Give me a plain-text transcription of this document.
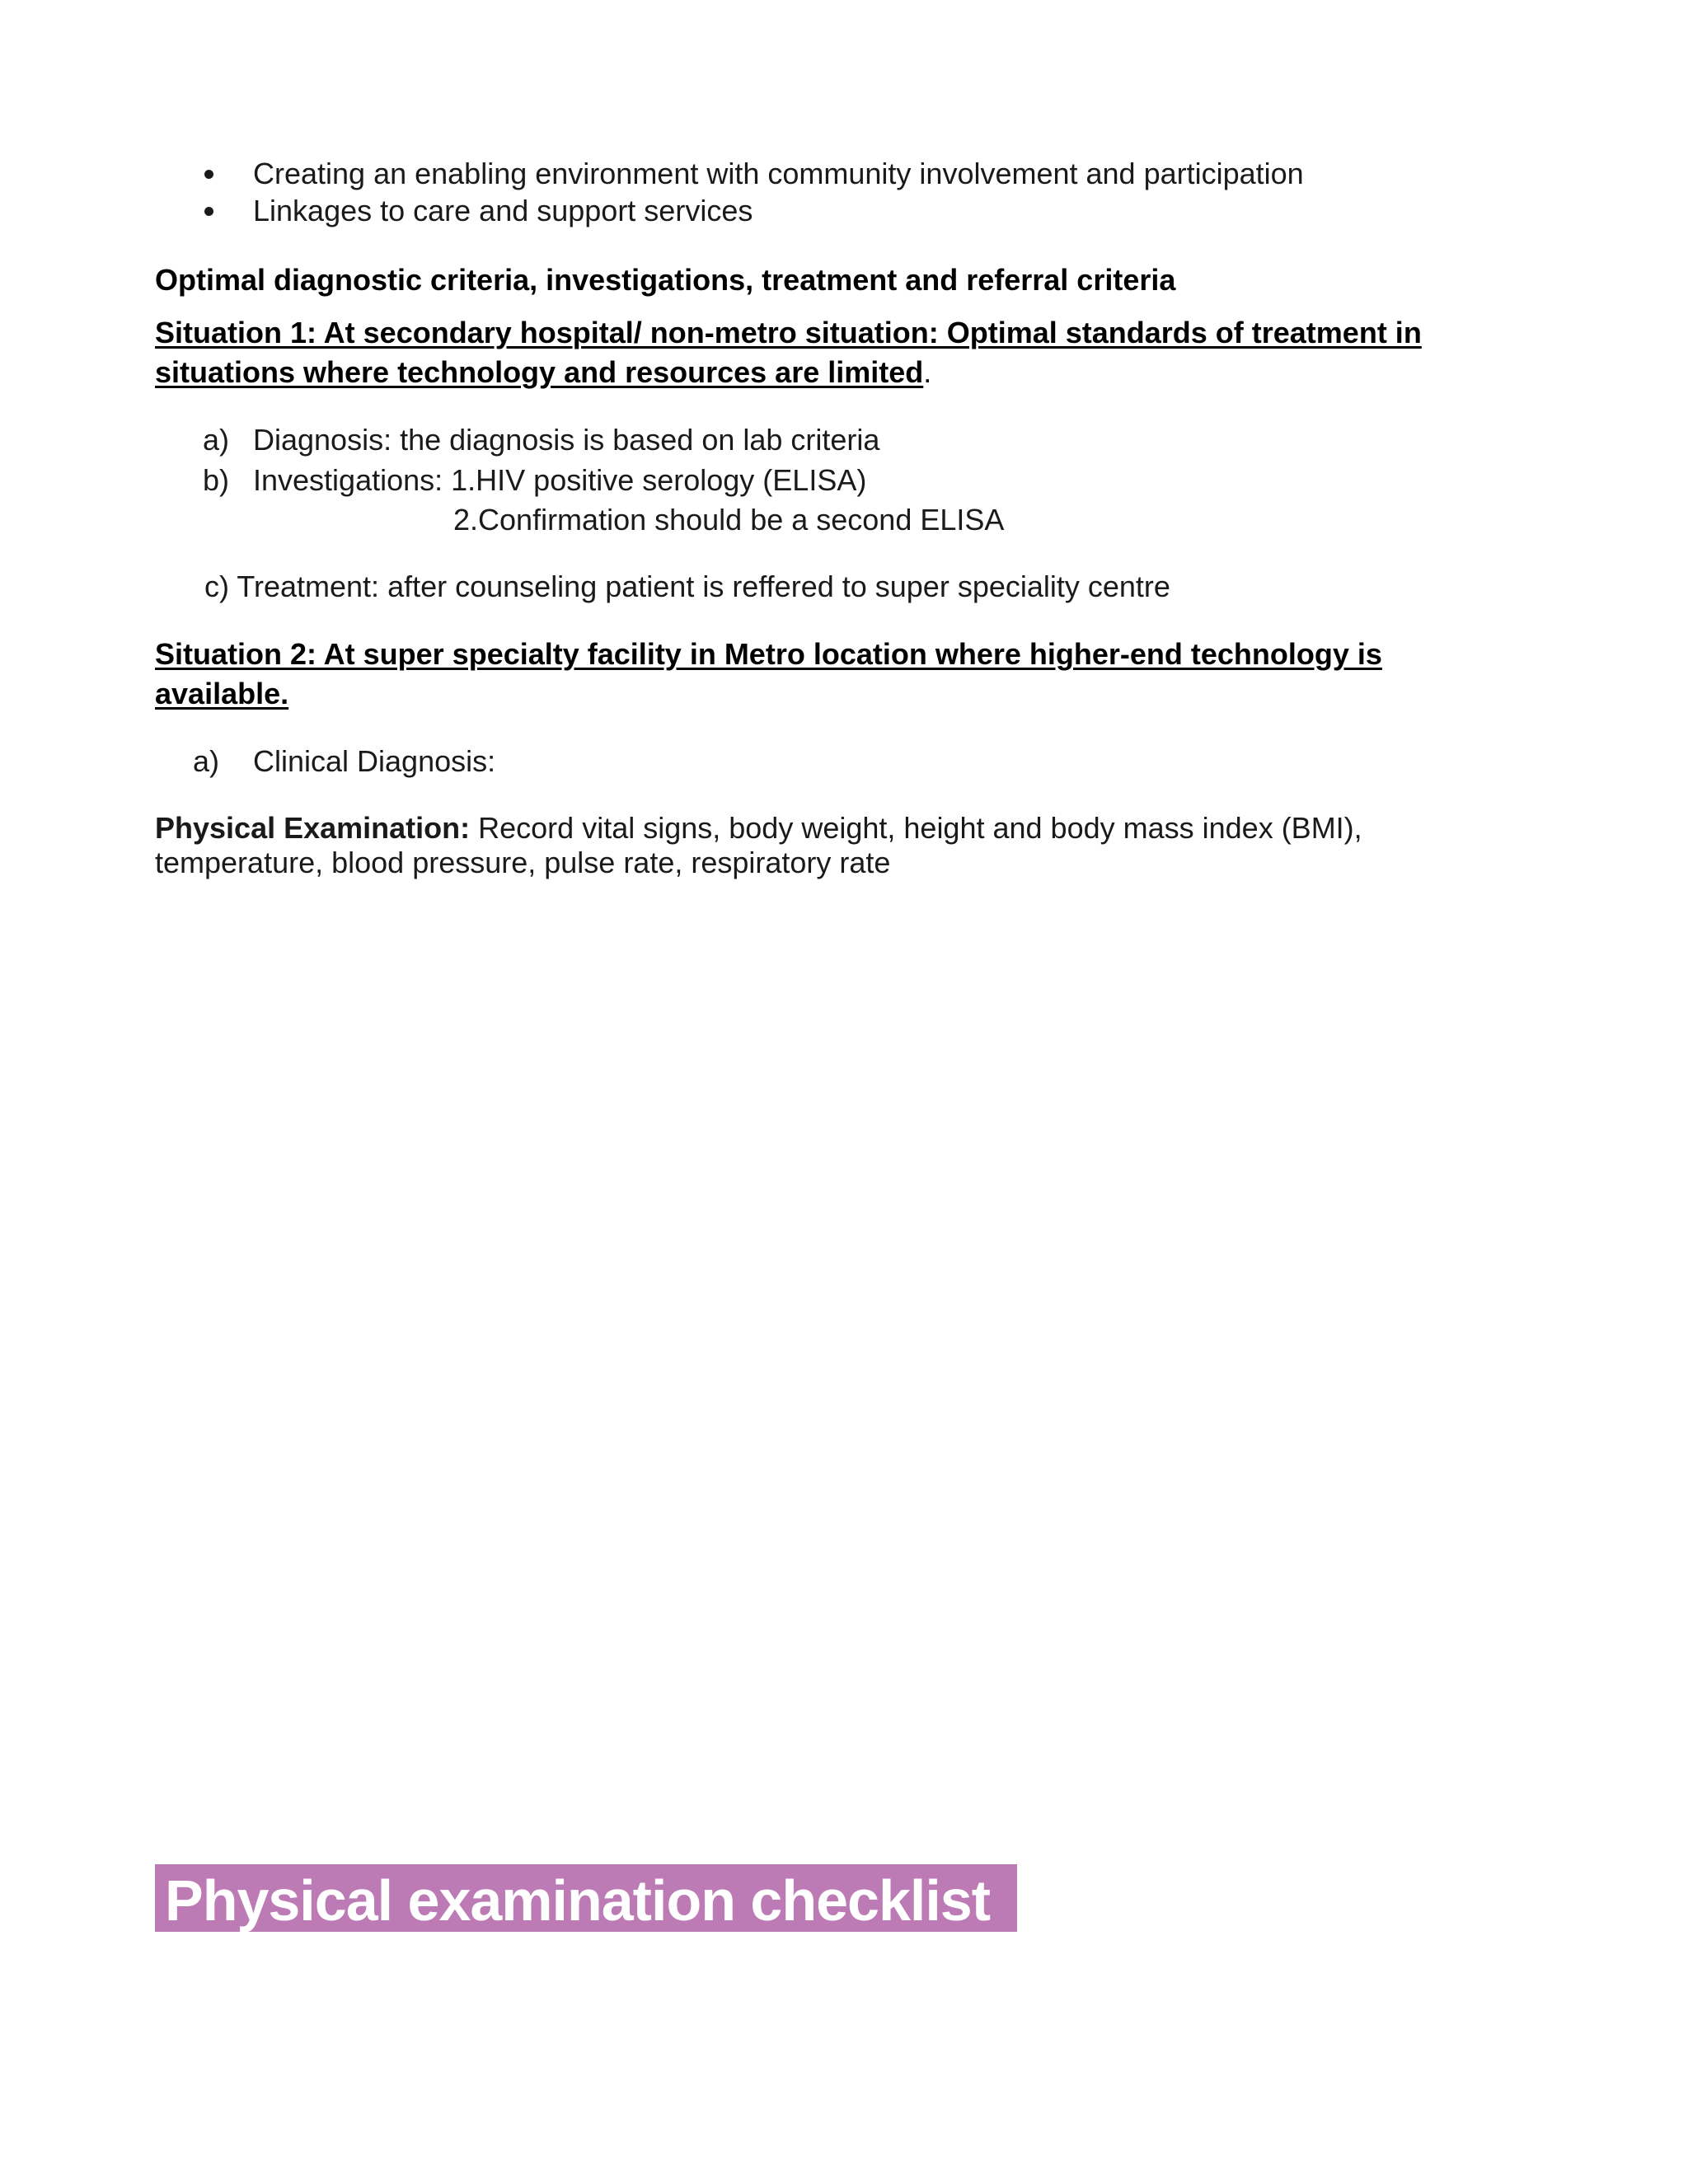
Creating an enabling environment with community involvement and participation
Linkages to care and support services
Optimal diagnostic criteria, investigations, treatment and referral criteria
Situation 1: At secondary hospital/ non-metro situation: Optimal standards of treatment in
situations where technology and resources are limited.
a) Diagnosis: the diagnosis is based on lab criteria
b) Investigations: 1.HIV positive serology (ELISA)
2.Confirmation should be a second ELISA
c) Treatment: after counseling patient is reffered to super speciality centre
Situation 2: At super specialty facility in Metro location where higher-end technology is
available.
a) Clinical Diagnosis:
Physical Examination: Record vital signs, body weight, height and body mass index (BMI),
temperature, blood pressure, pulse rate, respiratory rate
Physical examination checklist
